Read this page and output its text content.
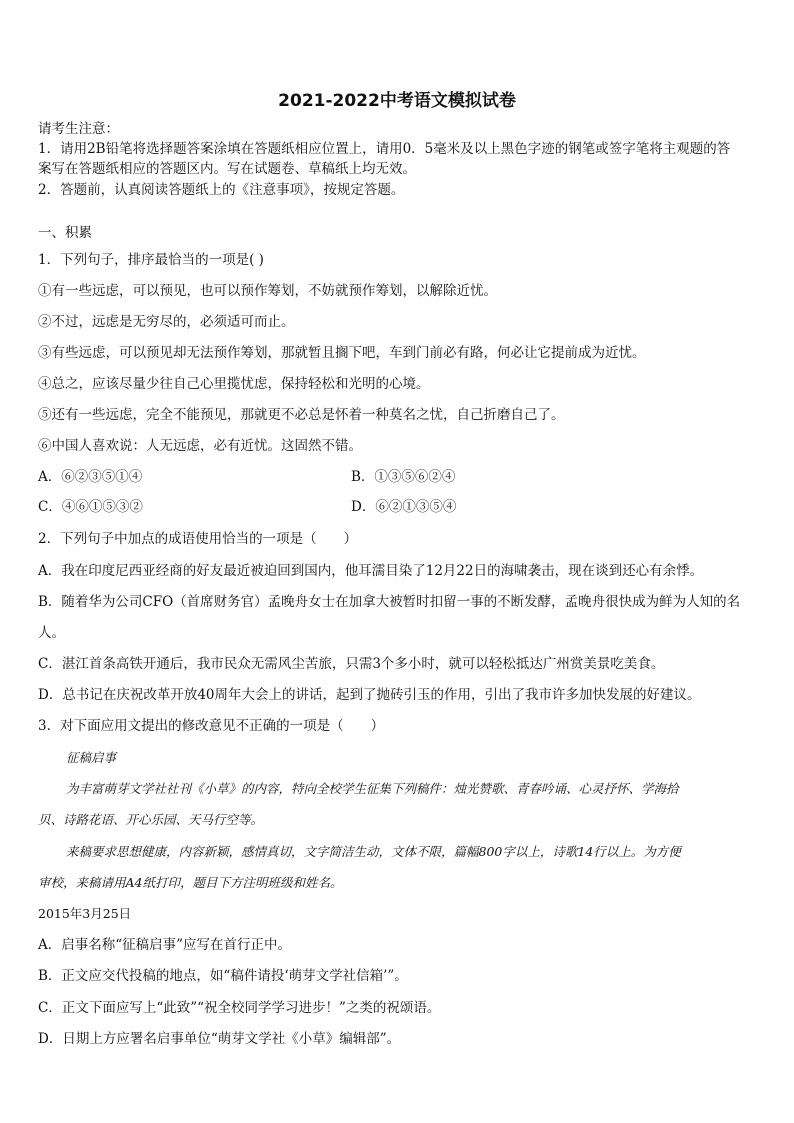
2021-2022中考语文模拟试卷
请考生注意：
1．请用2B铅笔将选择题答案涂填在答题纸相应位置上，请用0．5毫米及以上黑色字迹的钢笔或签字笔将主观题的答
案写在答题纸相应的答题区内。写在试题卷、草稿纸上均无效。
2．答题前，认真阅读答题纸上的《注意事项》，按规定答题。
一、积累
1．下列句子，排序最恰当的一项是( )
①有一些远虑，可以预见，也可以预作筹划，不妨就预作筹划，以解除近忧。
②不过，远虑是无穷尽的，必须适可而止。
③有些远虑，可以预见却无法预作筹划，那就暂且搁下吧，车到门前必有路，何必让它提前成为近忧。
④总之，应该尽量少往自己心里揽忧虑，保持轻松和光明的心境。
⑤还有一些远虑，完全不能预见，那就更不必总是怀着一种莫名之忧，自己折磨自己了。
⑥中国人喜欢说：人无远虑，必有近忧。这固然不错。
A．⑥②③⑤①④	B．①③⑤⑥②④
C．④⑥①⑤③②	D．⑥②①③⑤④
2．下列句子中加点的成语使用恰当的一项是（　　）
A．我在印度尼西亚经商的好友最近被迫回到国内，他耳濡目染了12月22日的海啸袭击，现在谈到还心有余悸。
B．随着华为公司CFO（首席财务官）孟晚舟女士在加拿大被暂时扣留一事的不断发酵，孟晚舟很快成为鲜为人知的名
人。
C．湛江首条高铁开通后，我市民众无需风尘苦旅，只需3个多小时，就可以轻松抵达广州赏美景吃美食。
D．总书记在庆祝改革开放40周年大会上的讲话，起到了抛砖引玉的作用，引出了我市许多加快发展的好建议。
3．对下面应用文提出的修改意见不正确的一项是（　　）
征稿启事
为丰富萌芽文学社社刊《小草》的内容，特向全校学生征集下列稿件：烛光赞歌、青春吟诵、心灵抒怀、学海拾
贝、诗路花语、开心乐园、天马行空等。
来稿要求思想健康，内容新颖，感情真切，文字简洁生动，文体不限，篇幅800字以上，诗歌14行以上。为方便
审校，来稿请用A4纸打印，题目下方注明班级和姓名。
2015年3月25日
A．启事名称“征稿启事”应写在首行正中。
B．正文应交代投稿的地点，如“稿件请投‘萌芽文学社信箱’”。
C．正文下面应写上“此致”“祝全校同学学习进步！”之类的祝颂语。
D．日期上方应署名启事单位“萌芽文学社《小草》编辑部”。
